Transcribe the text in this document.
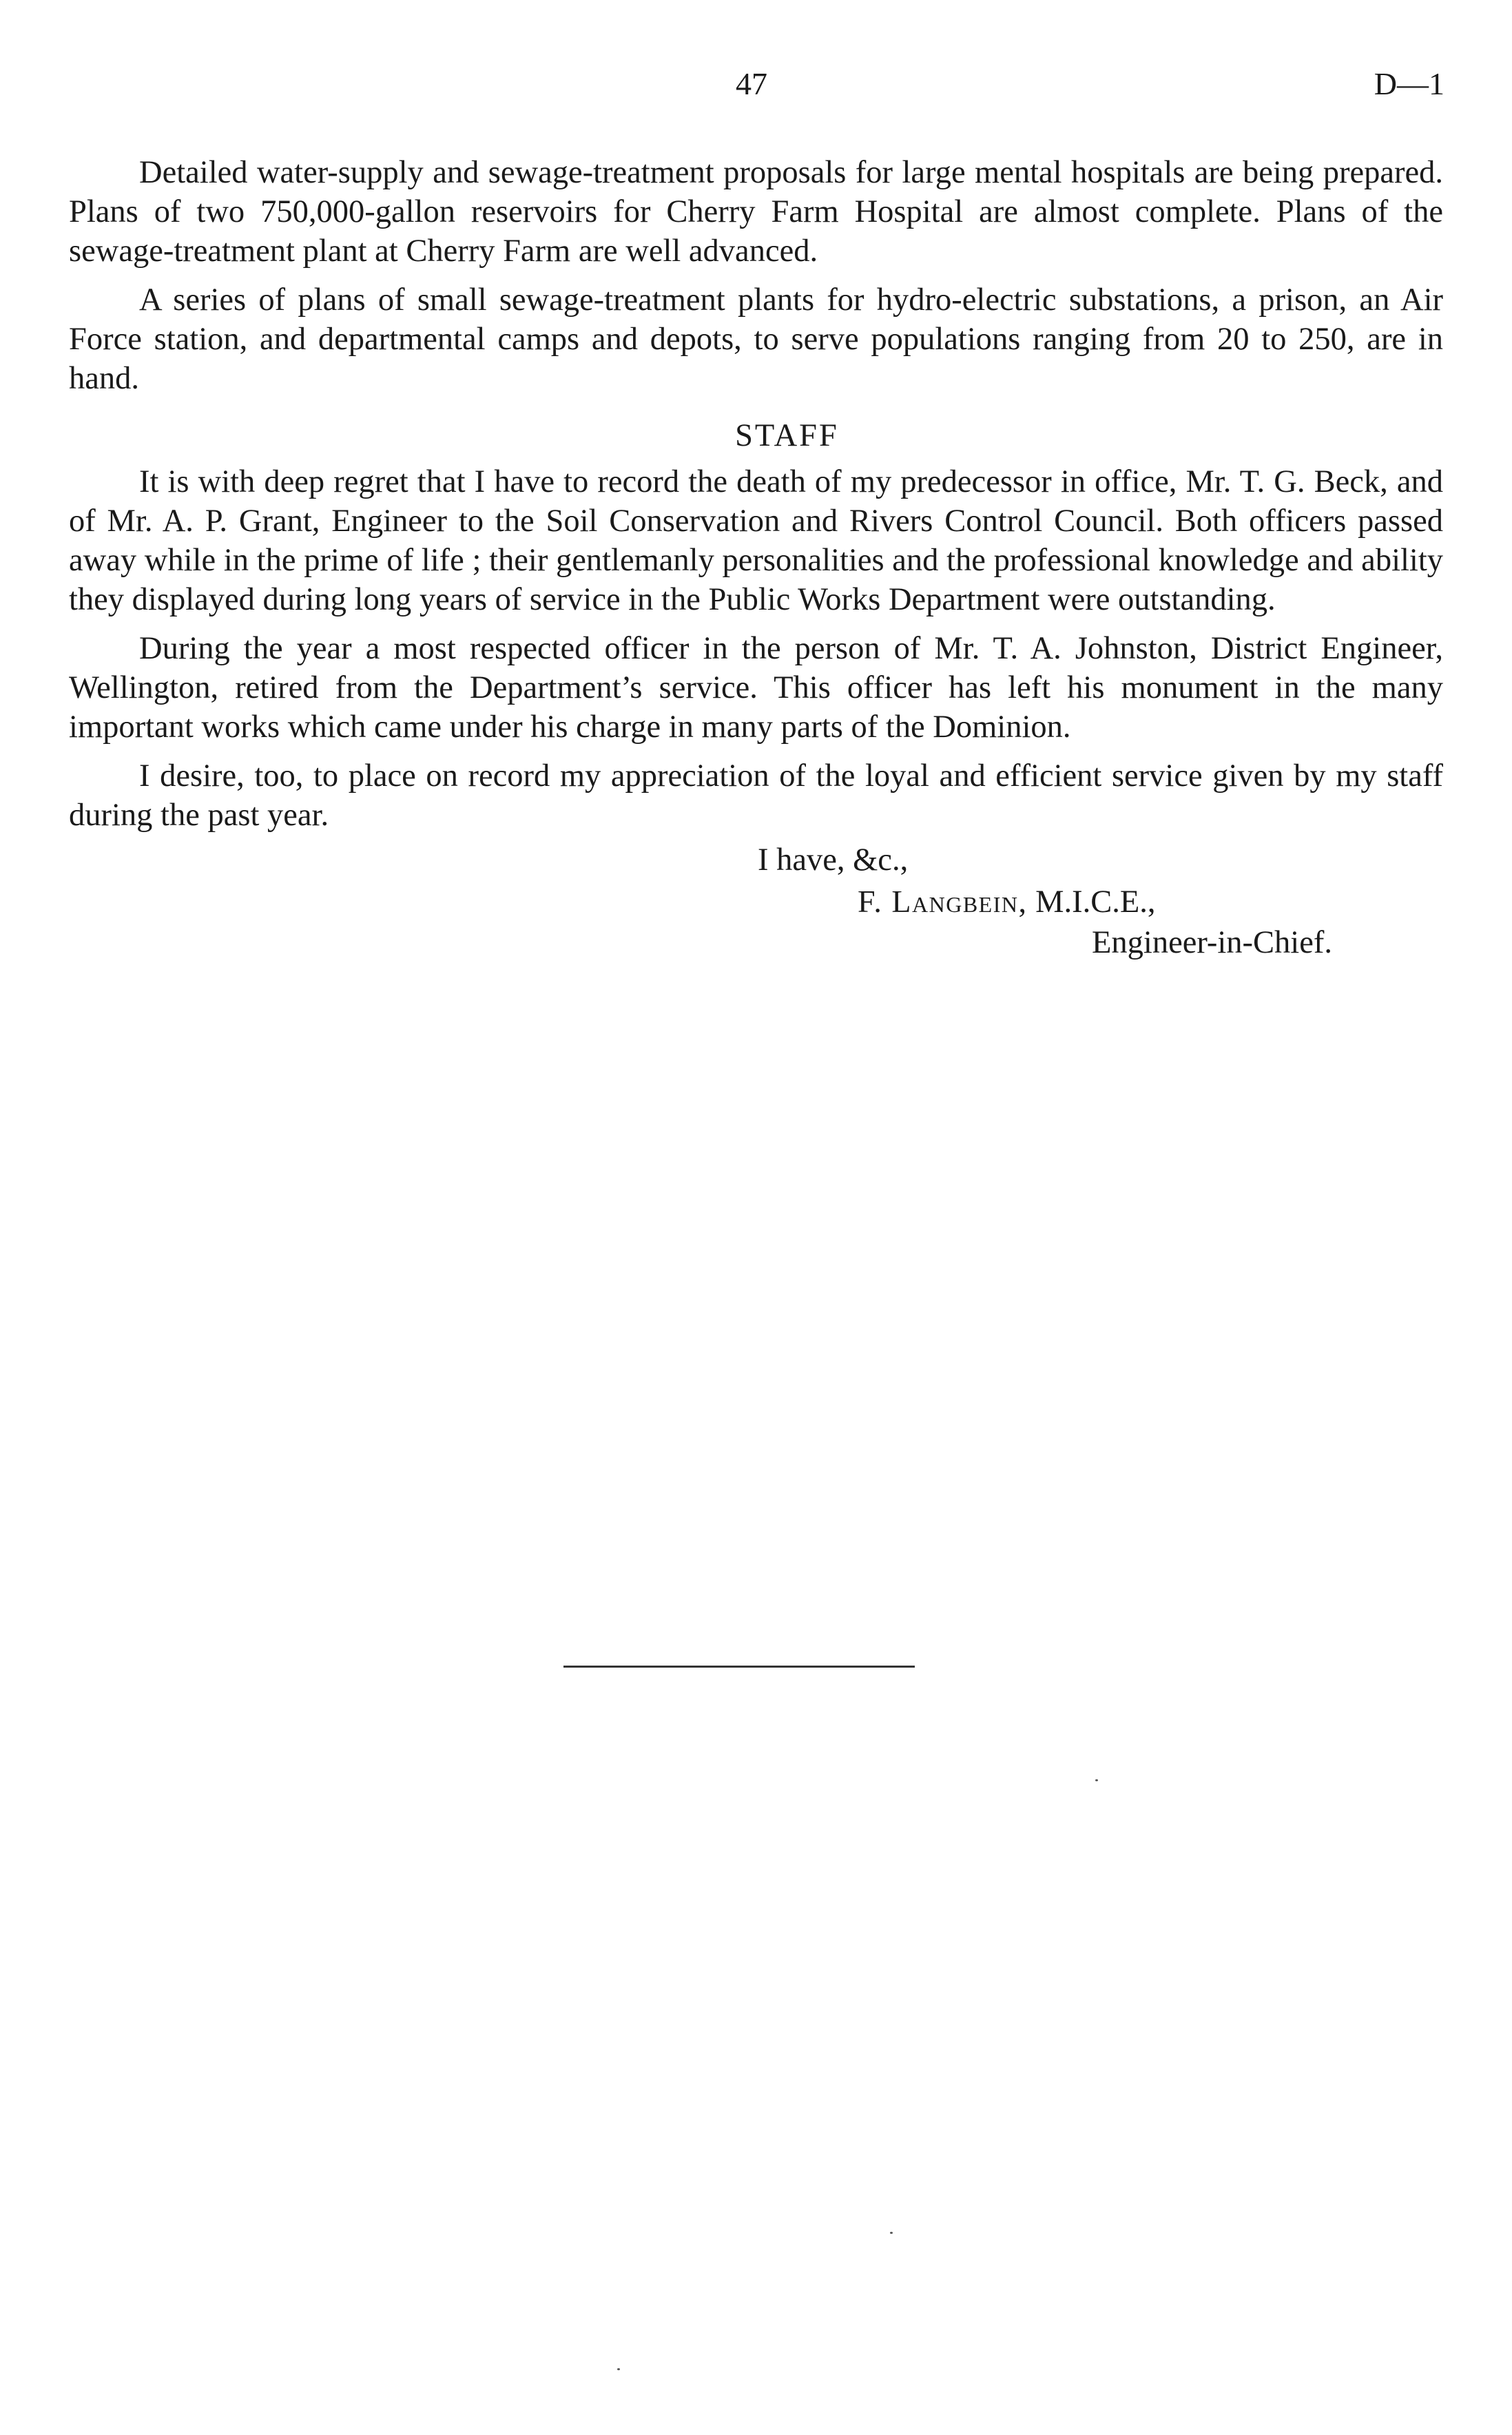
47	D—1

Detailed water-supply and sewage-treatment proposals for large mental hospitals are being prepared. Plans of two 750,000-gallon reservoirs for Cherry Farm Hospital are almost complete. Plans of the sewage-treatment plant at Cherry Farm are well advanced.

A series of plans of small sewage-treatment plants for hydro-electric substations, a prison, an Air Force station, and departmental camps and depots, to serve populations ranging from 20 to 250, are in hand.

STAFF

It is with deep regret that I have to record the death of my predecessor in office, Mr. T. G. Beck, and of Mr. A. P. Grant, Engineer to the Soil Conservation and Rivers Control Council. Both officers passed away while in the prime of life ; their gentlemanly personalities and the professional knowledge and ability they displayed during long years of service in the Public Works Department were outstanding.

During the year a most respected officer in the person of Mr. T. A. Johnston, District Engineer, Wellington, retired from the Department’s service. This officer has left his monument in the many important works which came under his charge in many parts of the Dominion.

I desire, too, to place on record my appreciation of the loyal and efficient service given by my staff during the past year.

I have, &c.,
F. Langbein, M.I.C.E.,
Engineer-in-Chief.
